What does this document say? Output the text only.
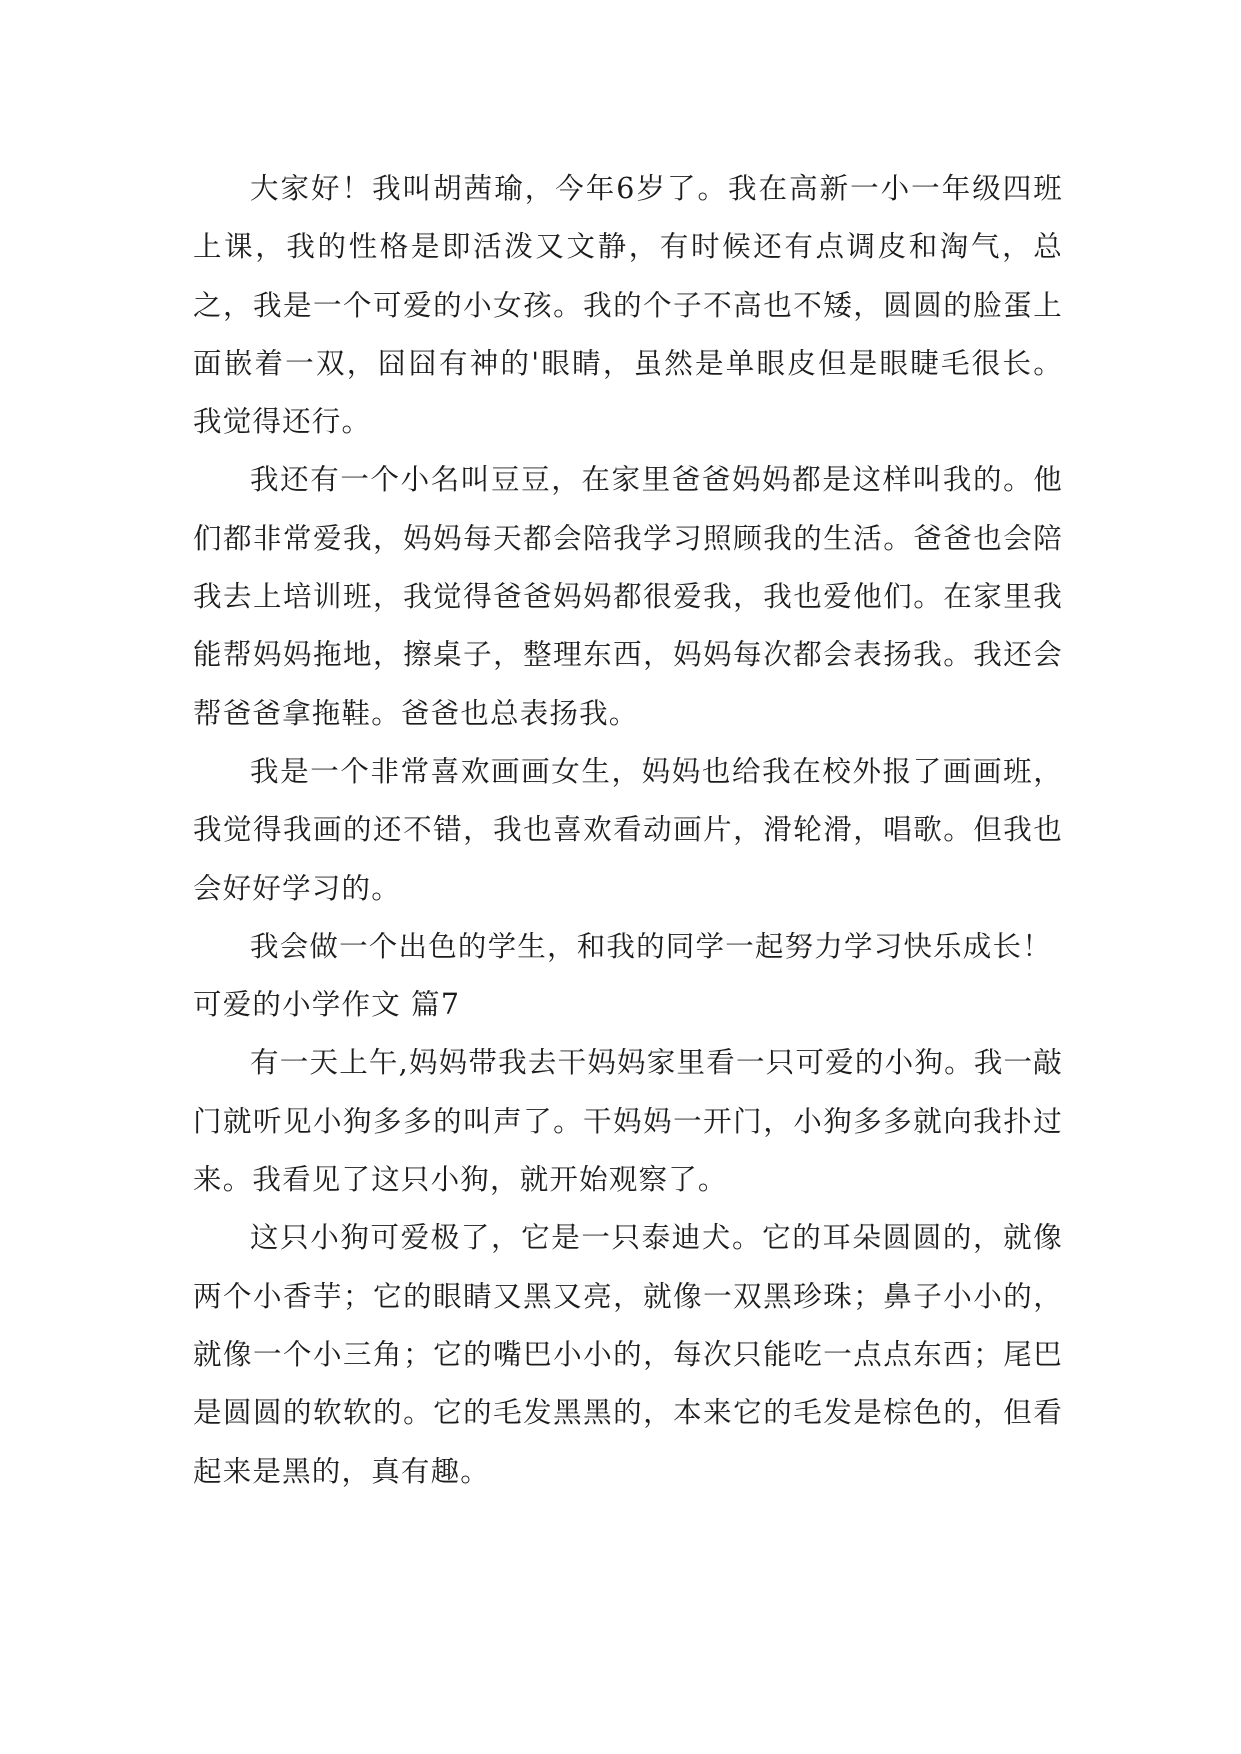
大家好！我叫胡茜瑜，今年6岁了。我在高新一小一年级四班上课，我的性格是即活泼又文静，有时候还有点调皮和淘气，总之，我是一个可爱的小女孩。我的个子不高也不矮，圆圆的脸蛋上面嵌着一双，囧囧有神的'眼睛，虽然是单眼皮但是眼睫毛很长。我觉得还行。

我还有一个小名叫豆豆，在家里爸爸妈妈都是这样叫我的。他们都非常爱我，妈妈每天都会陪我学习照顾我的生活。爸爸也会陪我去上培训班，我觉得爸爸妈妈都很爱我，我也爱他们。在家里我能帮妈妈拖地，擦桌子，整理东西，妈妈每次都会表扬我。我还会帮爸爸拿拖鞋。爸爸也总表扬我。

我是一个非常喜欢画画女生，妈妈也给我在校外报了画画班，我觉得我画的还不错，我也喜欢看动画片，滑轮滑，唱歌。但我也会好好学习的。

我会做一个出色的学生，和我的同学一起努力学习快乐成长！

可爱的小学作文 篇7

有一天上午,妈妈带我去干妈妈家里看一只可爱的小狗。我一敲门就听见小狗多多的叫声了。干妈妈一开门，小狗多多就向我扑过来。我看见了这只小狗，就开始观察了。

这只小狗可爱极了，它是一只泰迪犬。它的耳朵圆圆的，就像两个小香芋；它的眼睛又黑又亮，就像一双黑珍珠；鼻子小小的，就像一个小三角；它的嘴巴小小的，每次只能吃一点点东西；尾巴是圆圆的软软的。它的毛发黑黑的，本来它的毛发是棕色的，但看起来是黑的，真有趣。
